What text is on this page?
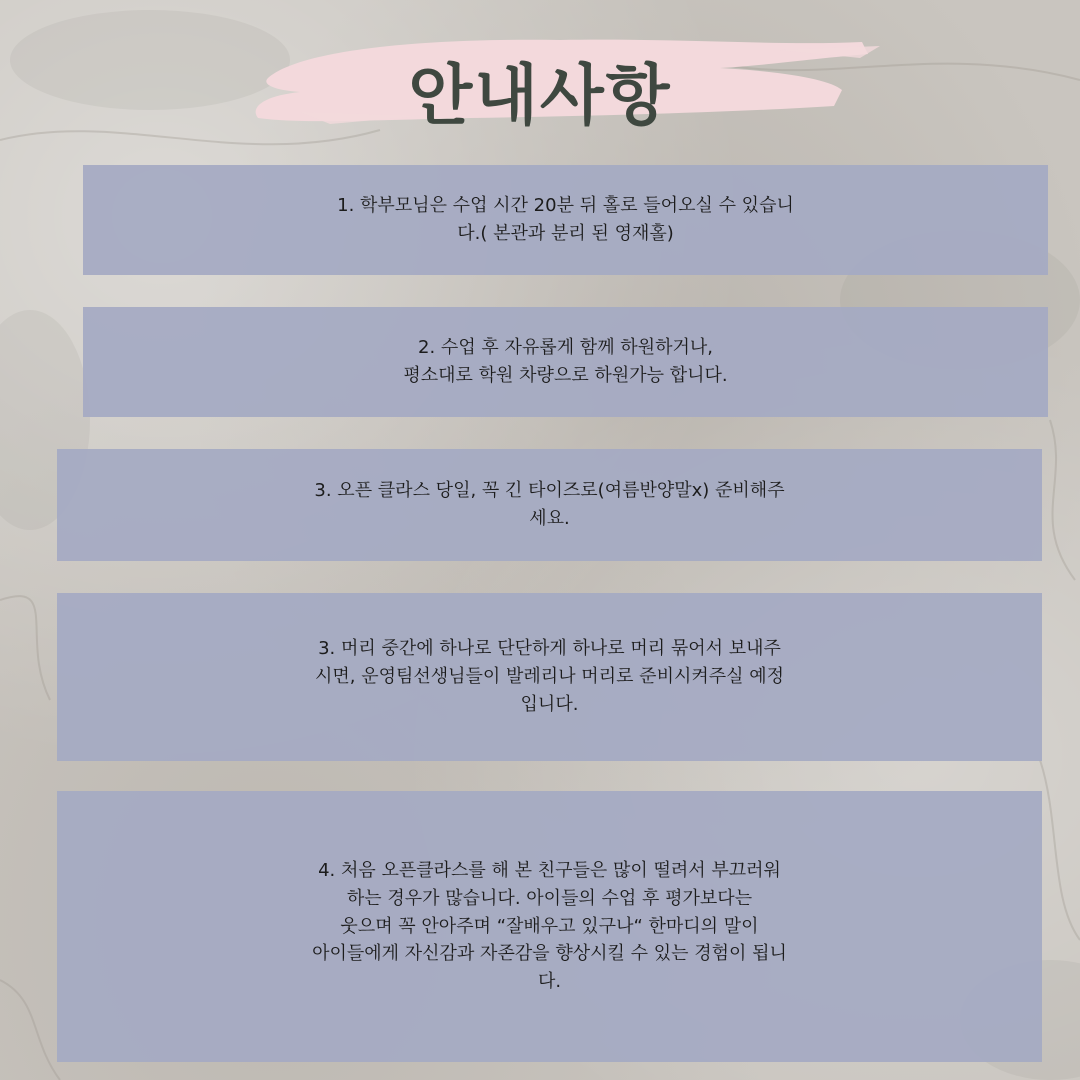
안내사항
1. 학부모님은 수업 시간 20분 뒤 홀로 들어오실 수 있습니
다.( 본관과 분리 된 영재홀)
2. 수업 후 자유롭게 함께 하원하거나,
평소대로 학원 차량으로 하원가능 합니다.
3. 오픈 클라스 당일, 꼭 긴 타이즈로(여름반양말x) 준비해주
세요.
3. 머리 중간에 하나로 단단하게 하나로 머리 묶어서 보내주
시면, 운영팀선생님들이 발레리나 머리로 준비시켜주실 예정
입니다.
4. 처음 오픈클라스를 해 본 친구들은 많이 떨려서 부끄러워
하는 경우가 많습니다. 아이들의 수업 후 평가보다는
웃으며 꼭 안아주며 “잘배우고 있구나“ 한마디의 말이
아이들에게 자신감과 자존감을 향상시킬 수 있는 경험이 됩니
다.
